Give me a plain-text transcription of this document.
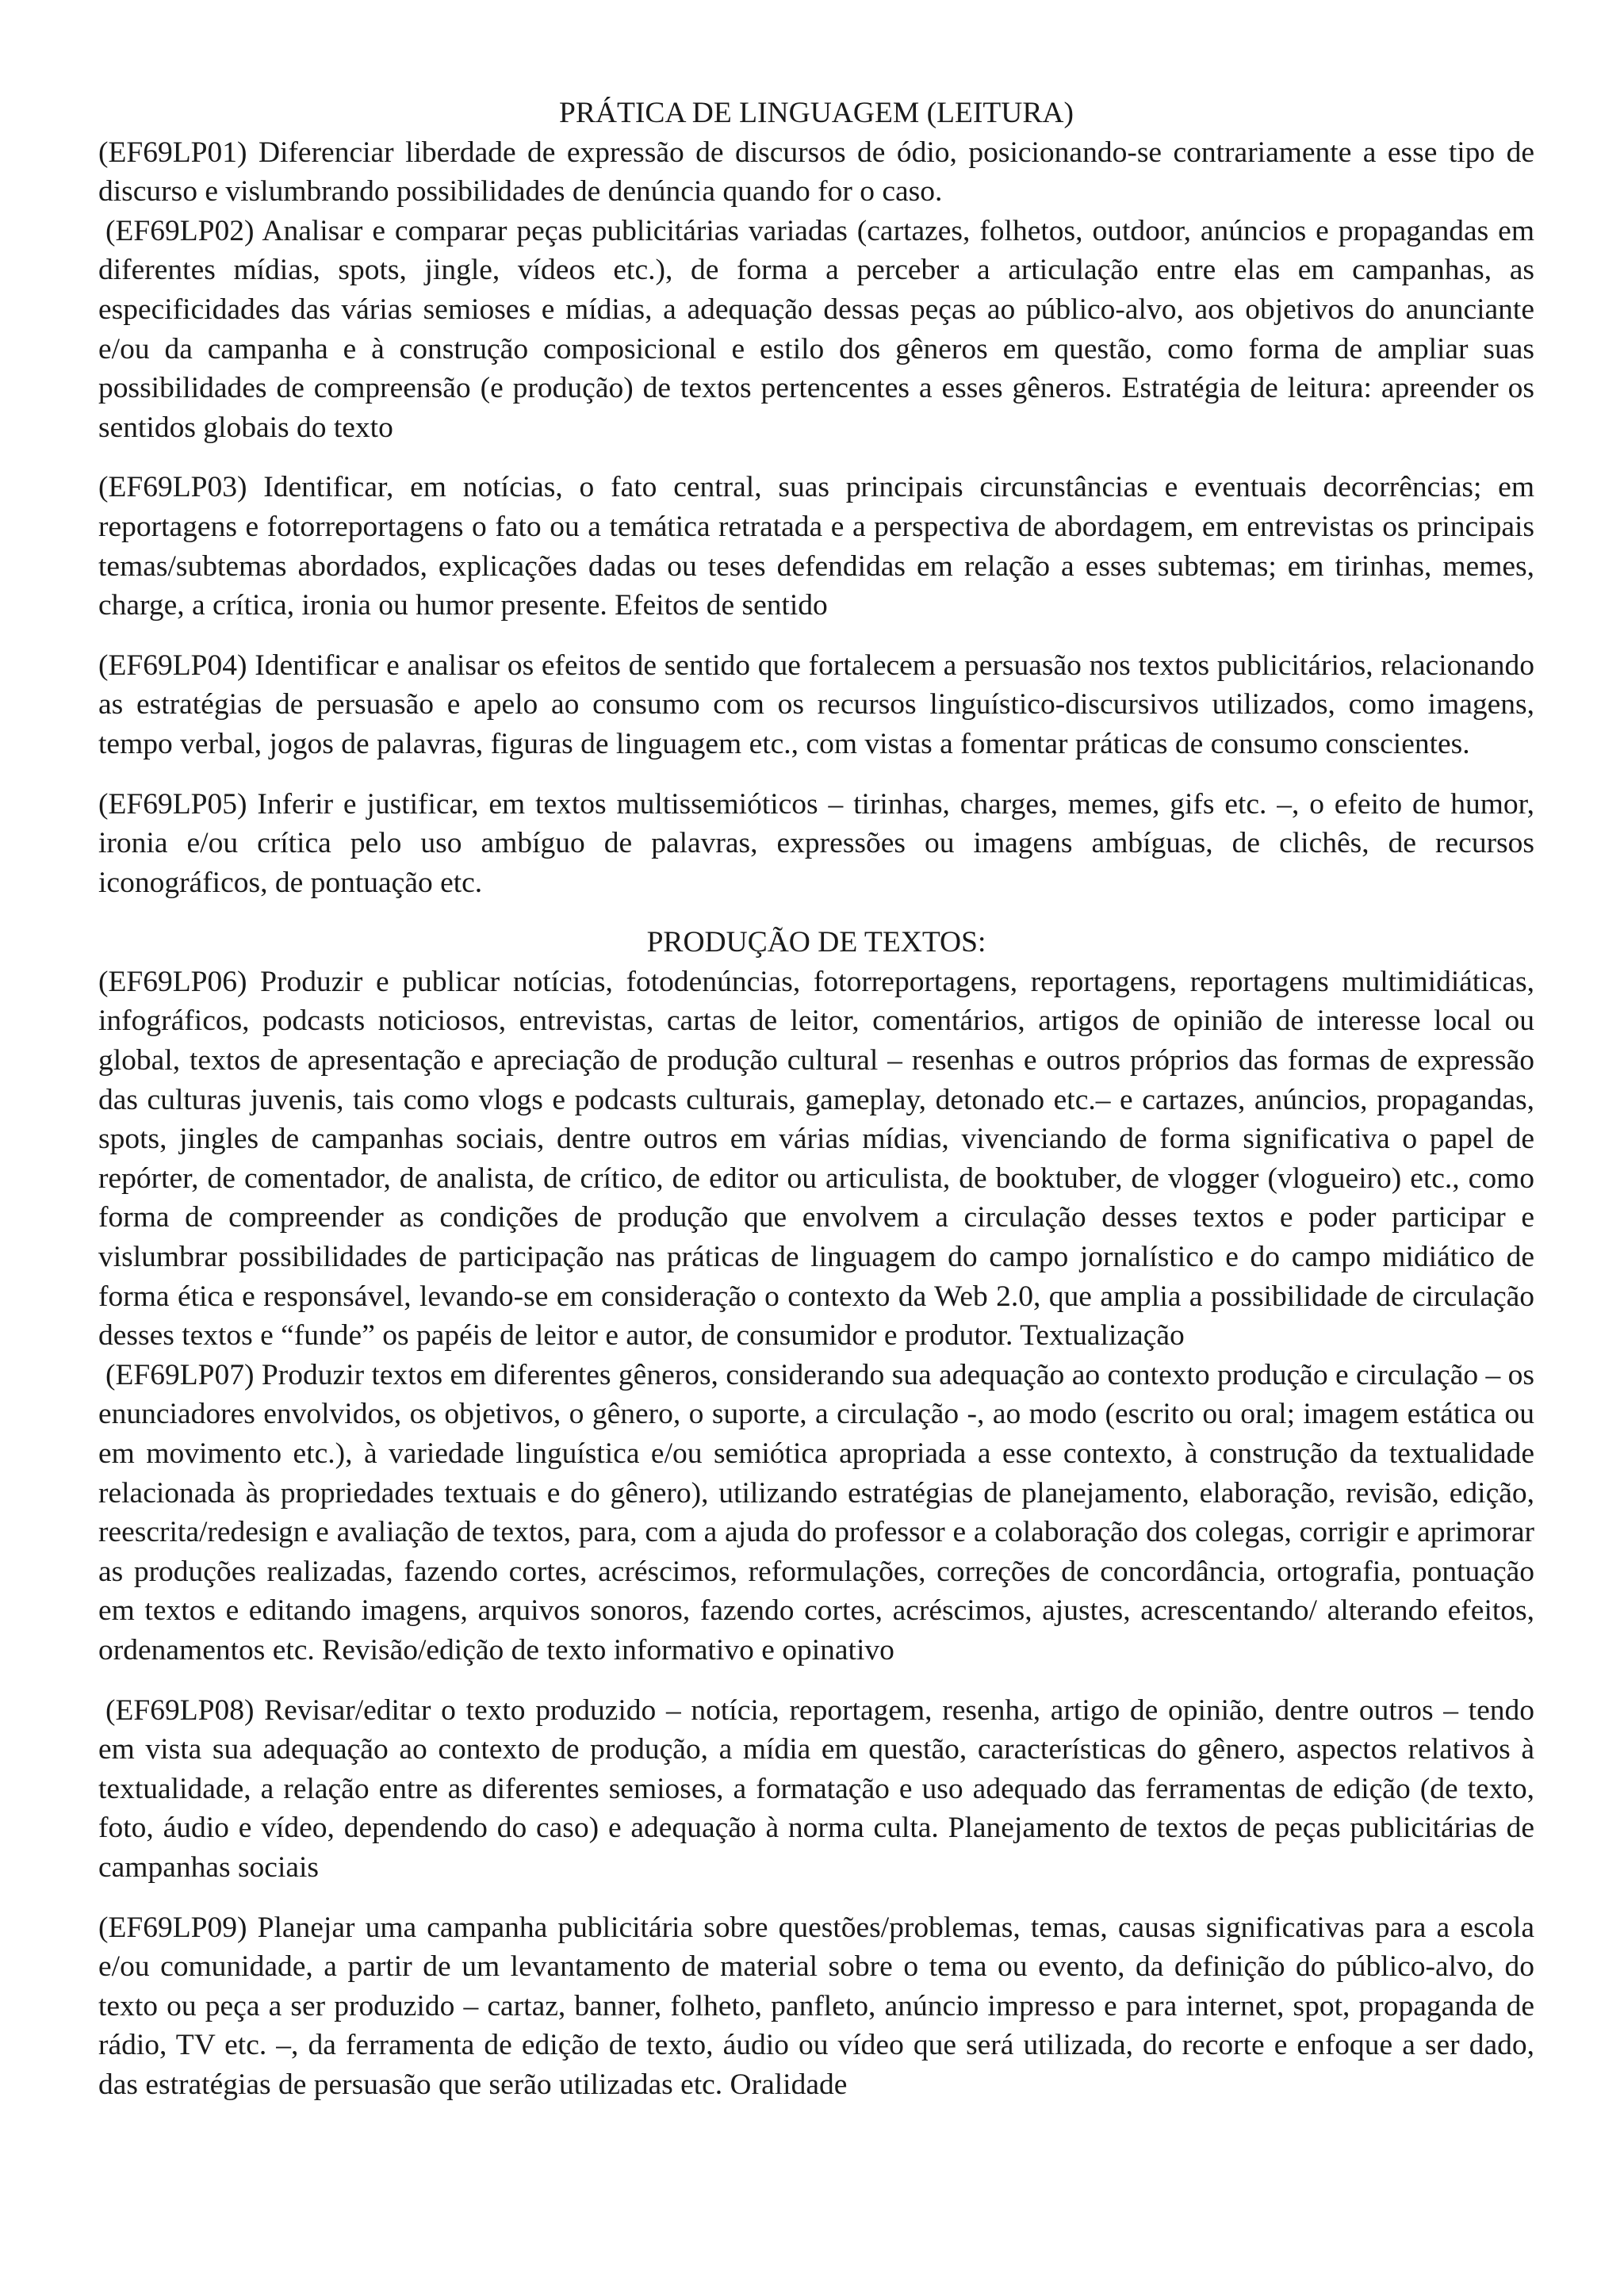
PRÁTICA DE LINGUAGEM (LEITURA)

(EF69LP01) Diferenciar liberdade de expressão de discursos de ódio, posicionando-se contrariamente a esse tipo de discurso e vislumbrando possibilidades de denúncia quando for o caso.

(EF69LP02) Analisar e comparar peças publicitárias variadas (cartazes, folhetos, outdoor, anúncios e propagandas em diferentes mídias, spots, jingle, vídeos etc.), de forma a perceber a articulação entre elas em campanhas, as especificidades das várias semioses e mídias, a adequação dessas peças ao público-alvo, aos objetivos do anunciante e/ou da campanha e à construção composicional e estilo dos gêneros em questão, como forma de ampliar suas possibilidades de compreensão (e produção) de textos pertencentes a esses gêneros. Estratégia de leitura: apreender os sentidos globais do texto

(EF69LP03) Identificar, em notícias, o fato central, suas principais circunstâncias e eventuais decorrências; em reportagens e fotorreportagens o fato ou a temática retratada e a perspectiva de abordagem, em entrevistas os principais temas/subtemas abordados, explicações dadas ou teses defendidas em relação a esses subtemas; em tirinhas, memes, charge, a crítica, ironia ou humor presente. Efeitos de sentido

(EF69LP04) Identificar e analisar os efeitos de sentido que fortalecem a persuasão nos textos publicitários, relacionando as estratégias de persuasão e apelo ao consumo com os recursos linguístico-discursivos utilizados, como imagens, tempo verbal, jogos de palavras, figuras de linguagem etc., com vistas a fomentar práticas de consumo conscientes.

(EF69LP05) Inferir e justificar, em textos multissemióticos – tirinhas, charges, memes, gifs etc. –, o efeito de humor, ironia e/ou crítica pelo uso ambíguo de palavras, expressões ou imagens ambíguas, de clichês, de recursos iconográficos, de pontuação etc.

PRODUÇÃO DE TEXTOS:

(EF69LP06) Produzir e publicar notícias, fotodenúncias, fotorreportagens, reportagens, reportagens multimidiáticas, infográficos, podcasts noticiosos, entrevistas, cartas de leitor, comentários, artigos de opinião de interesse local ou global, textos de apresentação e apreciação de produção cultural – resenhas e outros próprios das formas de expressão das culturas juvenis, tais como vlogs e podcasts culturais, gameplay, detonado etc.– e cartazes, anúncios, propagandas, spots, jingles de campanhas sociais, dentre outros em várias mídias, vivenciando de forma significativa o papel de repórter, de comentador, de analista, de crítico, de editor ou articulista, de booktuber, de vlogger (vlogueiro) etc., como forma de compreender as condições de produção que envolvem a circulação desses textos e poder participar e vislumbrar possibilidades de participação nas práticas de linguagem do campo jornalístico e do campo midiático de forma ética e responsável, levando-se em consideração o contexto da Web 2.0, que amplia a possibilidade de circulação desses textos e “funde” os papéis de leitor e autor, de consumidor e produtor. Textualização

(EF69LP07) Produzir textos em diferentes gêneros, considerando sua adequação ao contexto produção e circulação – os enunciadores envolvidos, os objetivos, o gênero, o suporte, a circulação -, ao modo (escrito ou oral; imagem estática ou em movimento etc.), à variedade linguística e/ou semiótica apropriada a esse contexto, à construção da textualidade relacionada às propriedades textuais e do gênero), utilizando estratégias de planejamento, elaboração, revisão, edição, reescrita/redesign e avaliação de textos, para, com a ajuda do professor e a colaboração dos colegas, corrigir e aprimorar as produções realizadas, fazendo cortes, acréscimos, reformulações, correções de concordância, ortografia, pontuação em textos e editando imagens, arquivos sonoros, fazendo cortes, acréscimos, ajustes, acrescentando/ alterando efeitos, ordenamentos etc. Revisão/edição de texto informativo e opinativo

(EF69LP08) Revisar/editar o texto produzido – notícia, reportagem, resenha, artigo de opinião, dentre outros – tendo em vista sua adequação ao contexto de produção, a mídia em questão, características do gênero, aspectos relativos à textualidade, a relação entre as diferentes semioses, a formatação e uso adequado das ferramentas de edição (de texto, foto, áudio e vídeo, dependendo do caso) e adequação à norma culta. Planejamento de textos de peças publicitárias de campanhas sociais

(EF69LP09) Planejar uma campanha publicitária sobre questões/problemas, temas, causas significativas para a escola e/ou comunidade, a partir de um levantamento de material sobre o tema ou evento, da definição do público-alvo, do texto ou peça a ser produzido – cartaz, banner, folheto, panfleto, anúncio impresso e para internet, spot, propaganda de rádio, TV etc. –, da ferramenta de edição de texto, áudio ou vídeo que será utilizada, do recorte e enfoque a ser dado, das estratégias de persuasão que serão utilizadas etc. Oralidade
